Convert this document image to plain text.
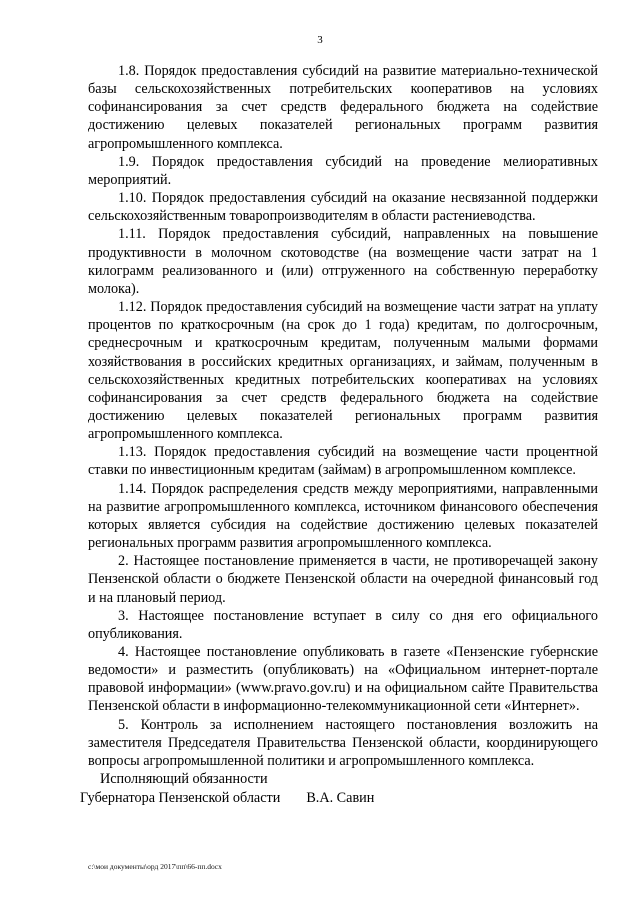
3

1.8. Порядок предоставления субсидий на развитие материально-технической базы сельскохозяйственных потребительских кооперативов на условиях софинансирования за счет средств федерального бюджета на содействие достижению целевых показателей региональных программ развития агропромышленного комплекса.

1.9. Порядок предоставления субсидий на проведение мелиоративных мероприятий.

1.10. Порядок предоставления субсидий на оказание несвязанной поддержки сельскохозяйственным товаропроизводителям в области растениеводства.

1.11. Порядок предоставления субсидий, направленных на повышение продуктивности в молочном скотоводстве (на возмещение части затрат на 1 килограмм реализованного и (или) отгруженного на собственную переработку молока).

1.12. Порядок предоставления субсидий на возмещение части затрат на уплату процентов по краткосрочным (на срок до 1 года) кредитам, по долгосрочным, среднесрочным и краткосрочным кредитам, полученным малыми формами хозяйствования в российских кредитных организациях, и займам, полученным в сельскохозяйственных кредитных потребительских кооперативах на условиях софинансирования за счет средств федерального бюджета на содействие достижению целевых показателей региональных программ развития агропромышленного комплекса.

1.13. Порядок предоставления субсидий на возмещение части процентной ставки по инвестиционным кредитам (займам) в агропромышленном комплексе.

1.14. Порядок распределения средств между мероприятиями, направленными на развитие агропромышленного комплекса, источником финансового обеспечения которых является субсидия на содействие достижению целевых показателей региональных программ развития агропромышленного комплекса.

2. Настоящее постановление применяется в части, не противоречащей закону Пензенской области о бюджете Пензенской области на очередной финансовый год и на плановый период.

3. Настоящее постановление вступает в силу со дня его официального опубликования.

4. Настоящее постановление опубликовать в газете «Пензенские губернские ведомости» и разместить (опубликовать) на «Официальном интернет-портале правовой информации» (www.pravo.gov.ru) и на официальном сайте Правительства Пензенской области в информационно-телекоммуникационной сети «Интернет».

5. Контроль за исполнением настоящего постановления возложить на заместителя Председателя Правительства Пензенской области, координирующего вопросы агропромышленной политики и агропромышленного комплекса.

Исполняющий обязанности
Губернатора Пензенской области В.А. Савин
c:\мои документы\орд 2017\пп\66-пп.docx
